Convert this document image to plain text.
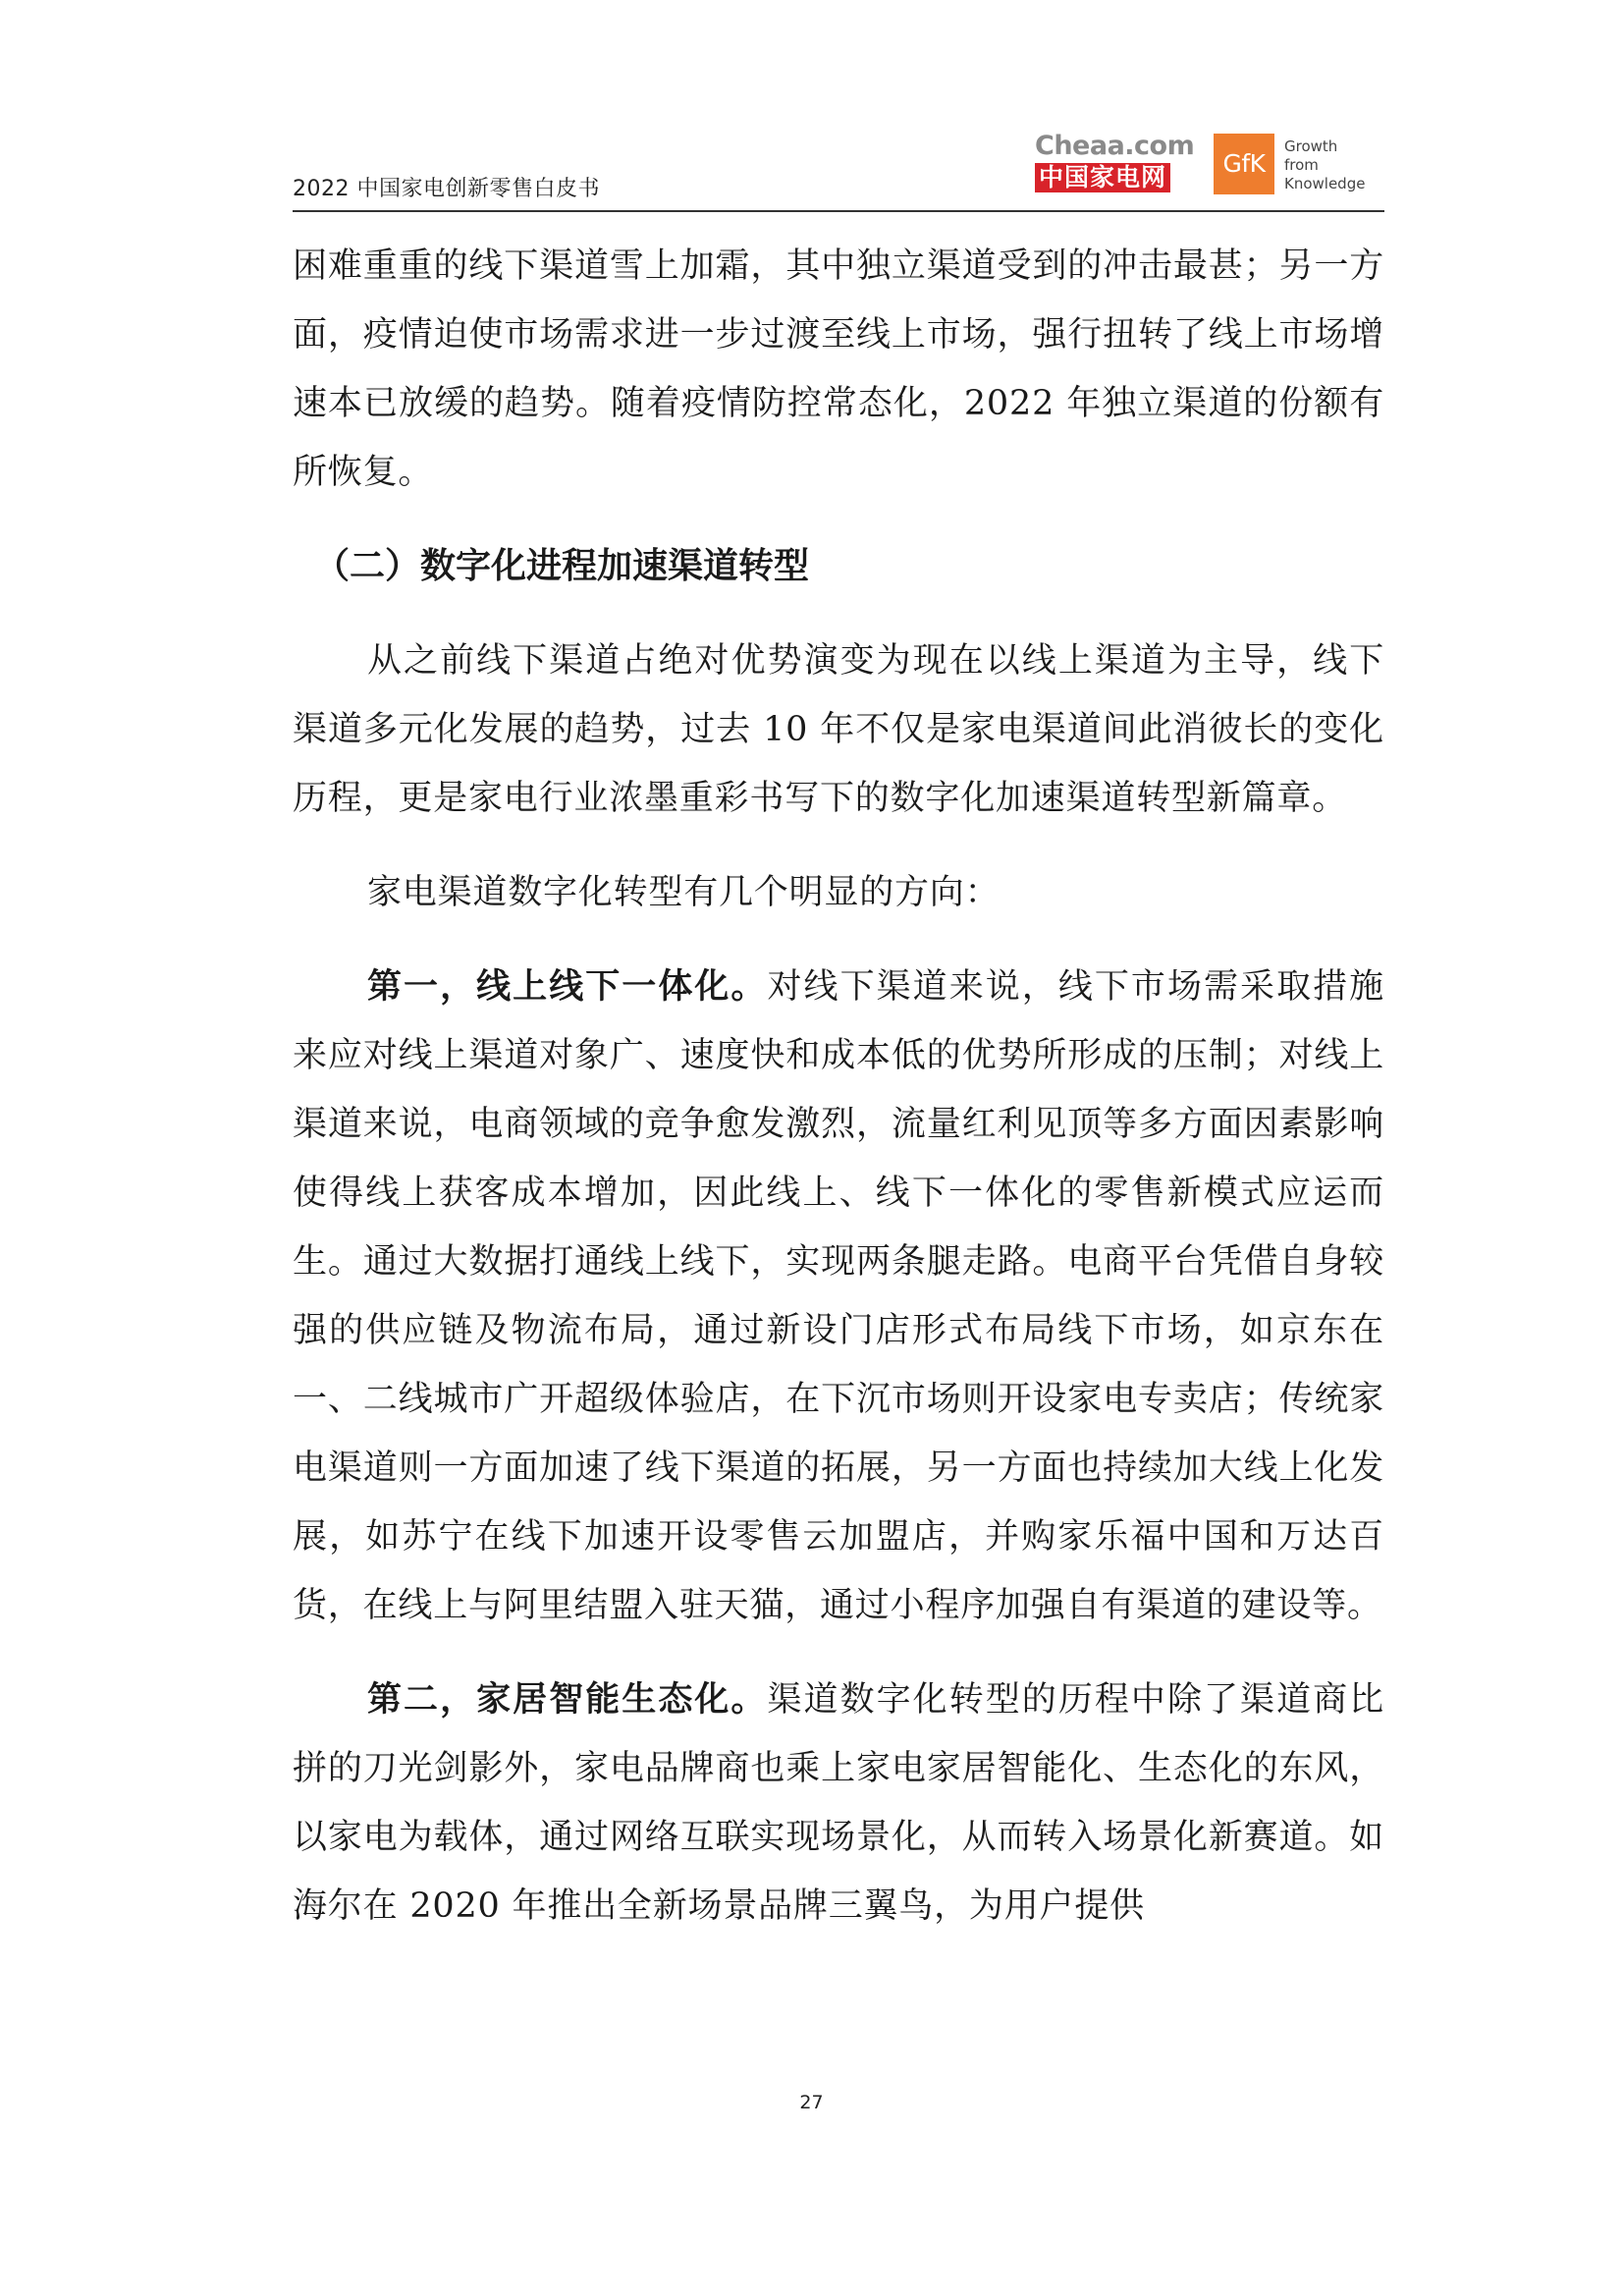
2022 中国家电创新零售白皮书
Cheaa.com
中国家电网	GfK
Growth
from
Knowledge

困难重重的线下渠道雪上加霜，其中独立渠道受到的冲击最甚；另一方面，疫情迫使市场需求进一步过渡至线上市场，强行扭转了线上市场增速本已放缓的趋势。随着疫情防控常态化，2022 年独立渠道的份额有所恢复。

（二）数字化进程加速渠道转型

从之前线下渠道占绝对优势演变为现在以线上渠道为主导，线下渠道多元化发展的趋势，过去 10 年不仅是家电渠道间此消彼长的变化历程，更是家电行业浓墨重彩书写下的数字化加速渠道转型新篇章。

家电渠道数字化转型有几个明显的方向：

第一，线上线下一体化。对线下渠道来说，线下市场需采取措施来应对线上渠道对象广、速度快和成本低的优势所形成的压制；对线上渠道来说，电商领域的竞争愈发激烈，流量红利见顶等多方面因素影响使得线上获客成本增加，因此线上、线下一体化的零售新模式应运而生。通过大数据打通线上线下，实现两条腿走路。电商平台凭借自身较强的供应链及物流布局，通过新设门店形式布局线下市场，如京东在一、二线城市广开超级体验店，在下沉市场则开设家电专卖店；传统家电渠道则一方面加速了线下渠道的拓展，另一方面也持续加大线上化发展，如苏宁在线下加速开设零售云加盟店，并购家乐福中国和万达百货，在线上与阿里结盟入驻天猫，通过小程序加强自有渠道的建设等。

第二，家居智能生态化。渠道数字化转型的历程中除了渠道商比拼的刀光剑影外，家电品牌商也乘上家电家居智能化、生态化的东风，以家电为载体，通过网络互联实现场景化，从而转入场景化新赛道。如海尔在 2020 年推出全新场景品牌三翼鸟，为用户提供

27
